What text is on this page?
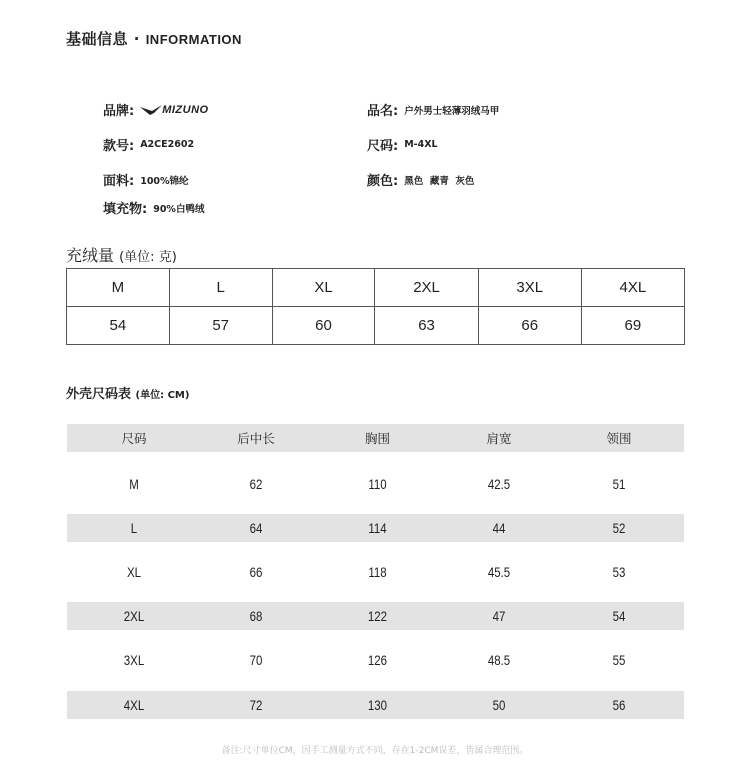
基础信息 · INFORMATION
品牌:	MIZUNO	品名: 户外男士轻薄羽绒马甲
款号: A2CE2602	尺码: M-4XL
面料: 100%锦纶	颜色: 黑色  藏青  灰色
填充物: 90%白鸭绒
充绒量 (单位: 克)
M	L	XL	2XL	3XL	4XL
54	57	60	63	66	69
外壳尺码表 (单位: CM)
尺码	后中长	胸围	肩宽	领围
M	62	110	42.5	51
L	64	114	44	52
XL	66	118	45.5	53
2XL	68	122	47	54
3XL	70	126	48.5	55
4XL	72	130	50	56
备注:尺寸单位CM，因手工测量方式不同，存在1-2CM误差，皆属合理范围。
